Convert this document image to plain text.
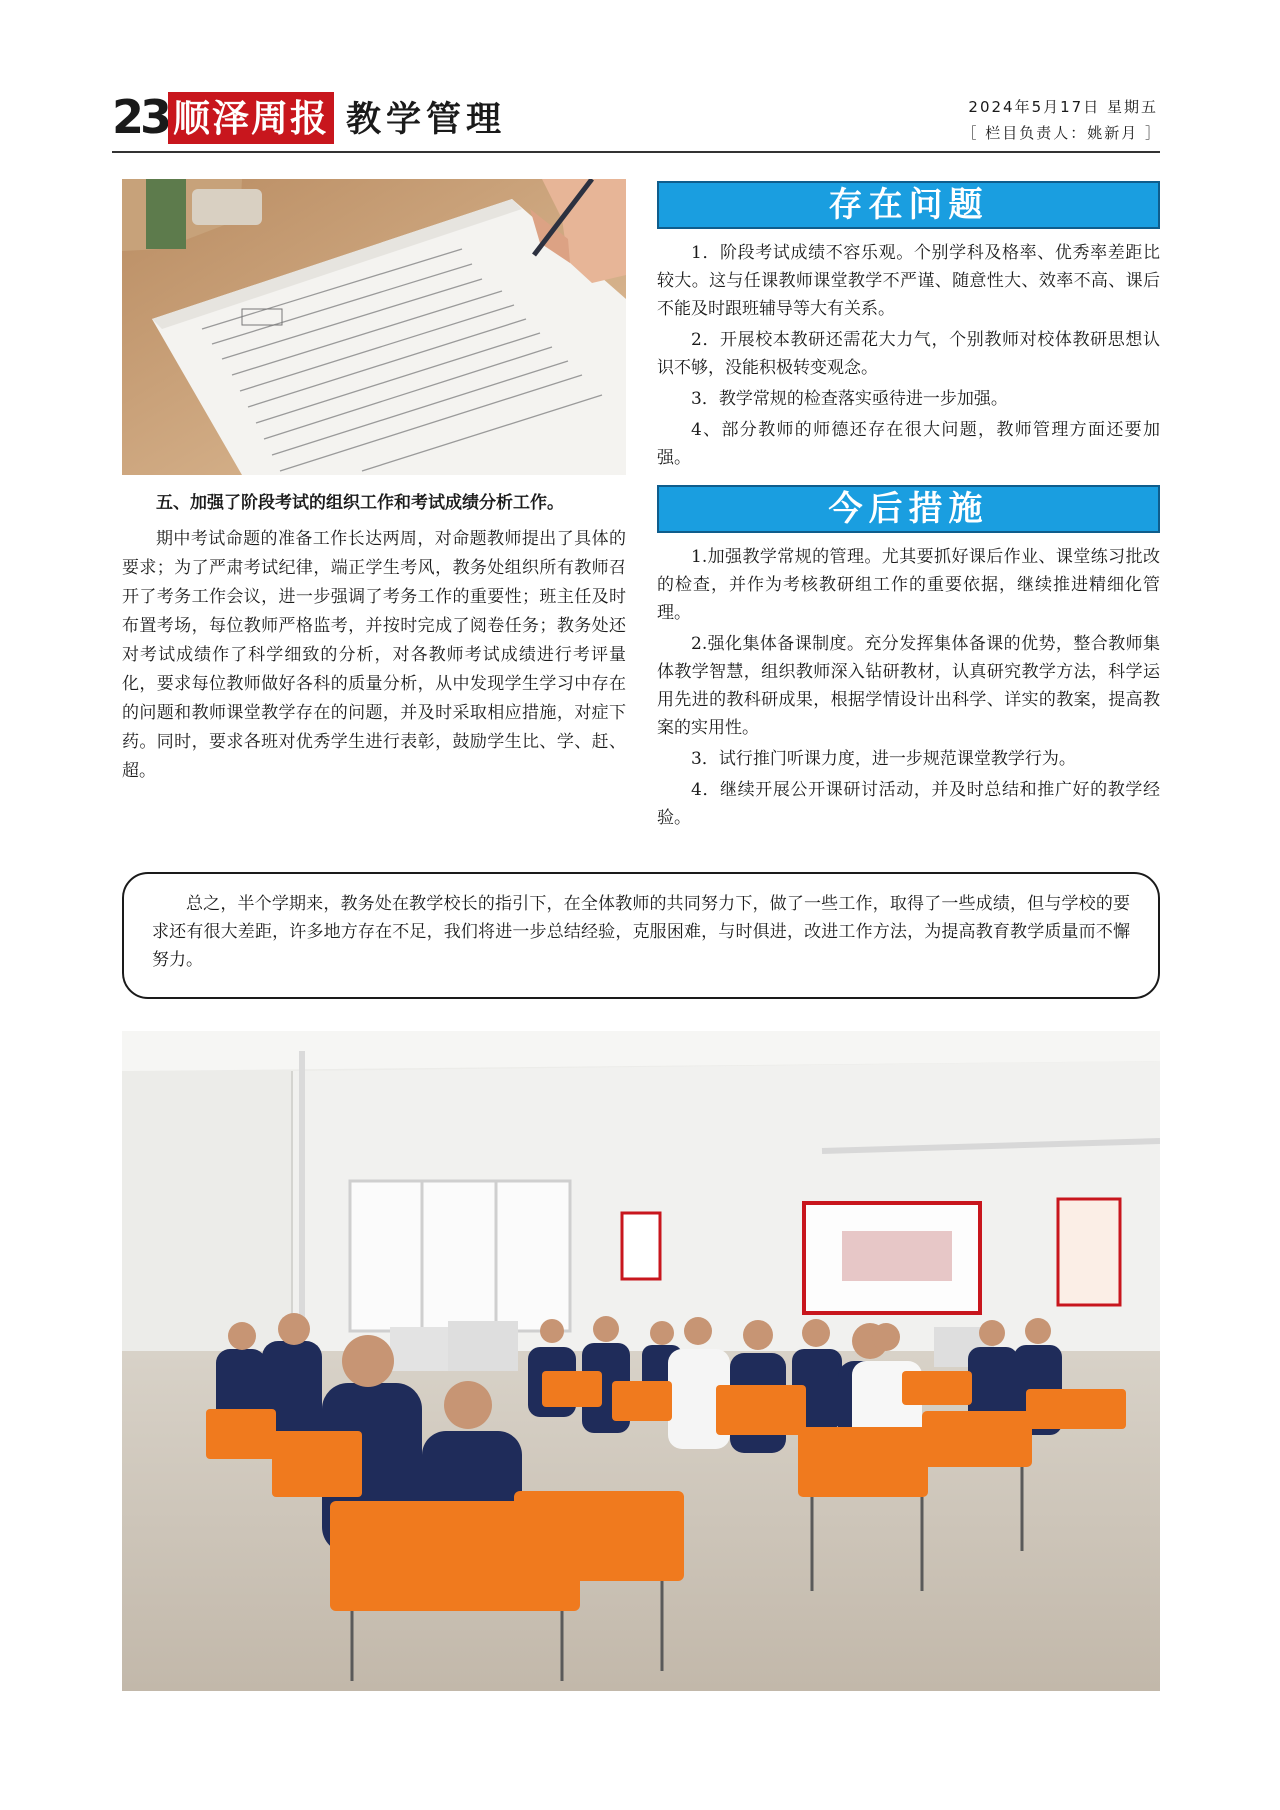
23 顺泽周报 教学管理	2024年5月17日 星期五
［ 栏目负责人：姚新月 ］

五、加强了阶段考试的组织工作和考试成绩分析工作。

期中考试命题的准备工作长达两周，对命题教师提出了具体的要求；为了严肃考试纪律，端正学生考风，教务处组织所有教师召开了考务工作会议，进一步强调了考务工作的重要性；班主任及时布置考场，每位教师严格监考，并按时完成了阅卷任务；教务处还对考试成绩作了科学细致的分析，对各教师考试成绩进行考评量化，要求每位教师做好各科的质量分析，从中发现学生学习中存在的问题和教师课堂教学存在的问题，并及时采取相应措施，对症下药。同时，要求各班对优秀学生进行表彰，鼓励学生比、学、赶、超。

存在问题

1．阶段考试成绩不容乐观。个别学科及格率、优秀率差距比较大。这与任课教师课堂教学不严谨、随意性大、效率不高、课后不能及时跟班辅导等大有关系。

2．开展校本教研还需花大力气，个别教师对校体教研思想认识不够，没能积极转变观念。

3．教学常规的检查落实亟待进一步加强。

4、部分教师的师德还存在很大问题，教师管理方面还要加强。

今后措施

1.加强教学常规的管理。尤其要抓好课后作业、课堂练习批改的检查，并作为考核教研组工作的重要依据，继续推进精细化管理。

2.强化集体备课制度。充分发挥集体备课的优势，整合教师集体教学智慧，组织教师深入钻研教材，认真研究教学方法，科学运用先进的教科研成果，根据学情设计出科学、详实的教案，提高教案的实用性。

3．试行推门听课力度，进一步规范课堂教学行为。

4．继续开展公开课研讨活动，并及时总结和推广好的教学经验。

总之，半个学期来，教务处在教学校长的指引下，在全体教师的共同努力下，做了一些工作，取得了一些成绩，但与学校的要求还有很大差距，许多地方存在不足，我们将进一步总结经验，克服困难，与时俱进，改进工作方法，为提高教育教学质量而不懈努力。
